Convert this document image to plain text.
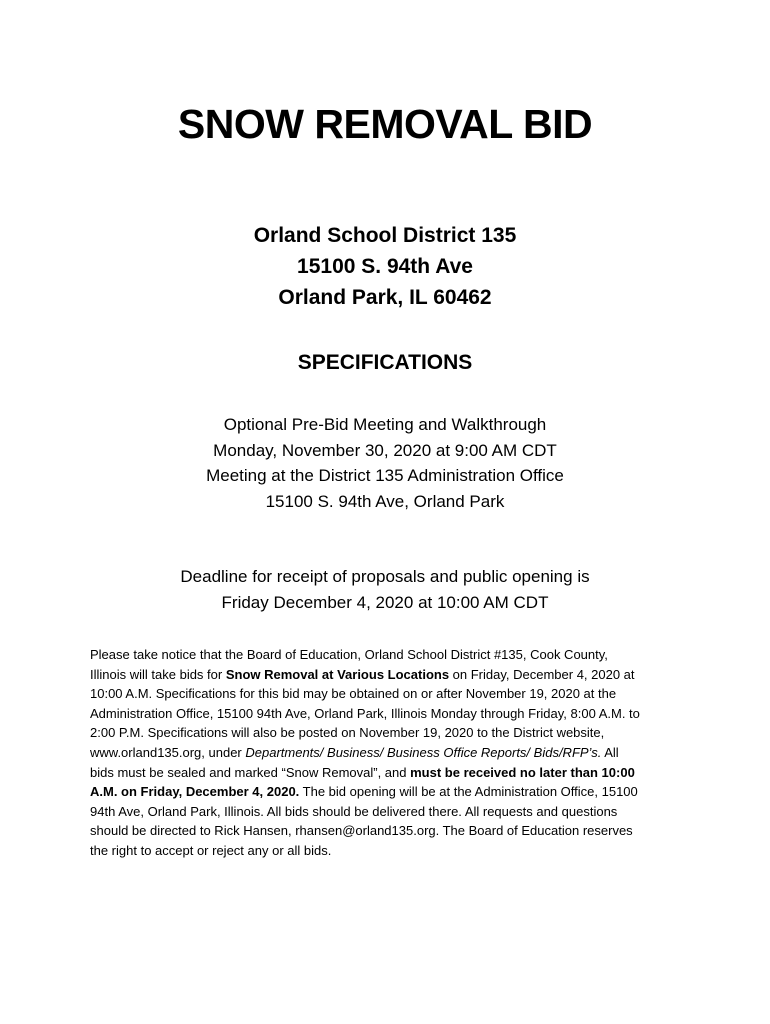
SNOW REMOVAL BID
Orland School District 135
15100 S. 94th Ave
Orland Park, IL 60462
SPECIFICATIONS
Optional Pre-Bid Meeting and Walkthrough
Monday, November 30, 2020 at 9:00 AM CDT
Meeting at the District 135 Administration Office
15100 S. 94th Ave, Orland Park
Deadline for receipt of proposals and public opening is
Friday December 4, 2020 at 10:00 AM CDT
Please take notice that the Board of Education, Orland School District #135, Cook County,
Illinois will take bids for Snow Removal at Various Locations on Friday, December 4, 2020 at
10:00 A.M. Specifications for this bid may be obtained on or after November 19, 2020 at the
Administration Office, 15100 94th Ave, Orland Park, Illinois Monday through Friday, 8:00 A.M. to
2:00 P.M. Specifications will also be posted on November 19, 2020 to the District website,
www.orland135.org, under Departments/ Business/ Business Office Reports/ Bids/RFP’s. All
bids must be sealed and marked “Snow Removal”, and must be received no later than 10:00
A.M. on Friday, December 4, 2020. The bid opening will be at the Administration Office, 15100
94th Ave, Orland Park, Illinois. All bids should be delivered there. All requests and questions
should be directed to Rick Hansen, rhansen@orland135.org. The Board of Education reserves
the right to accept or reject any or all bids.
